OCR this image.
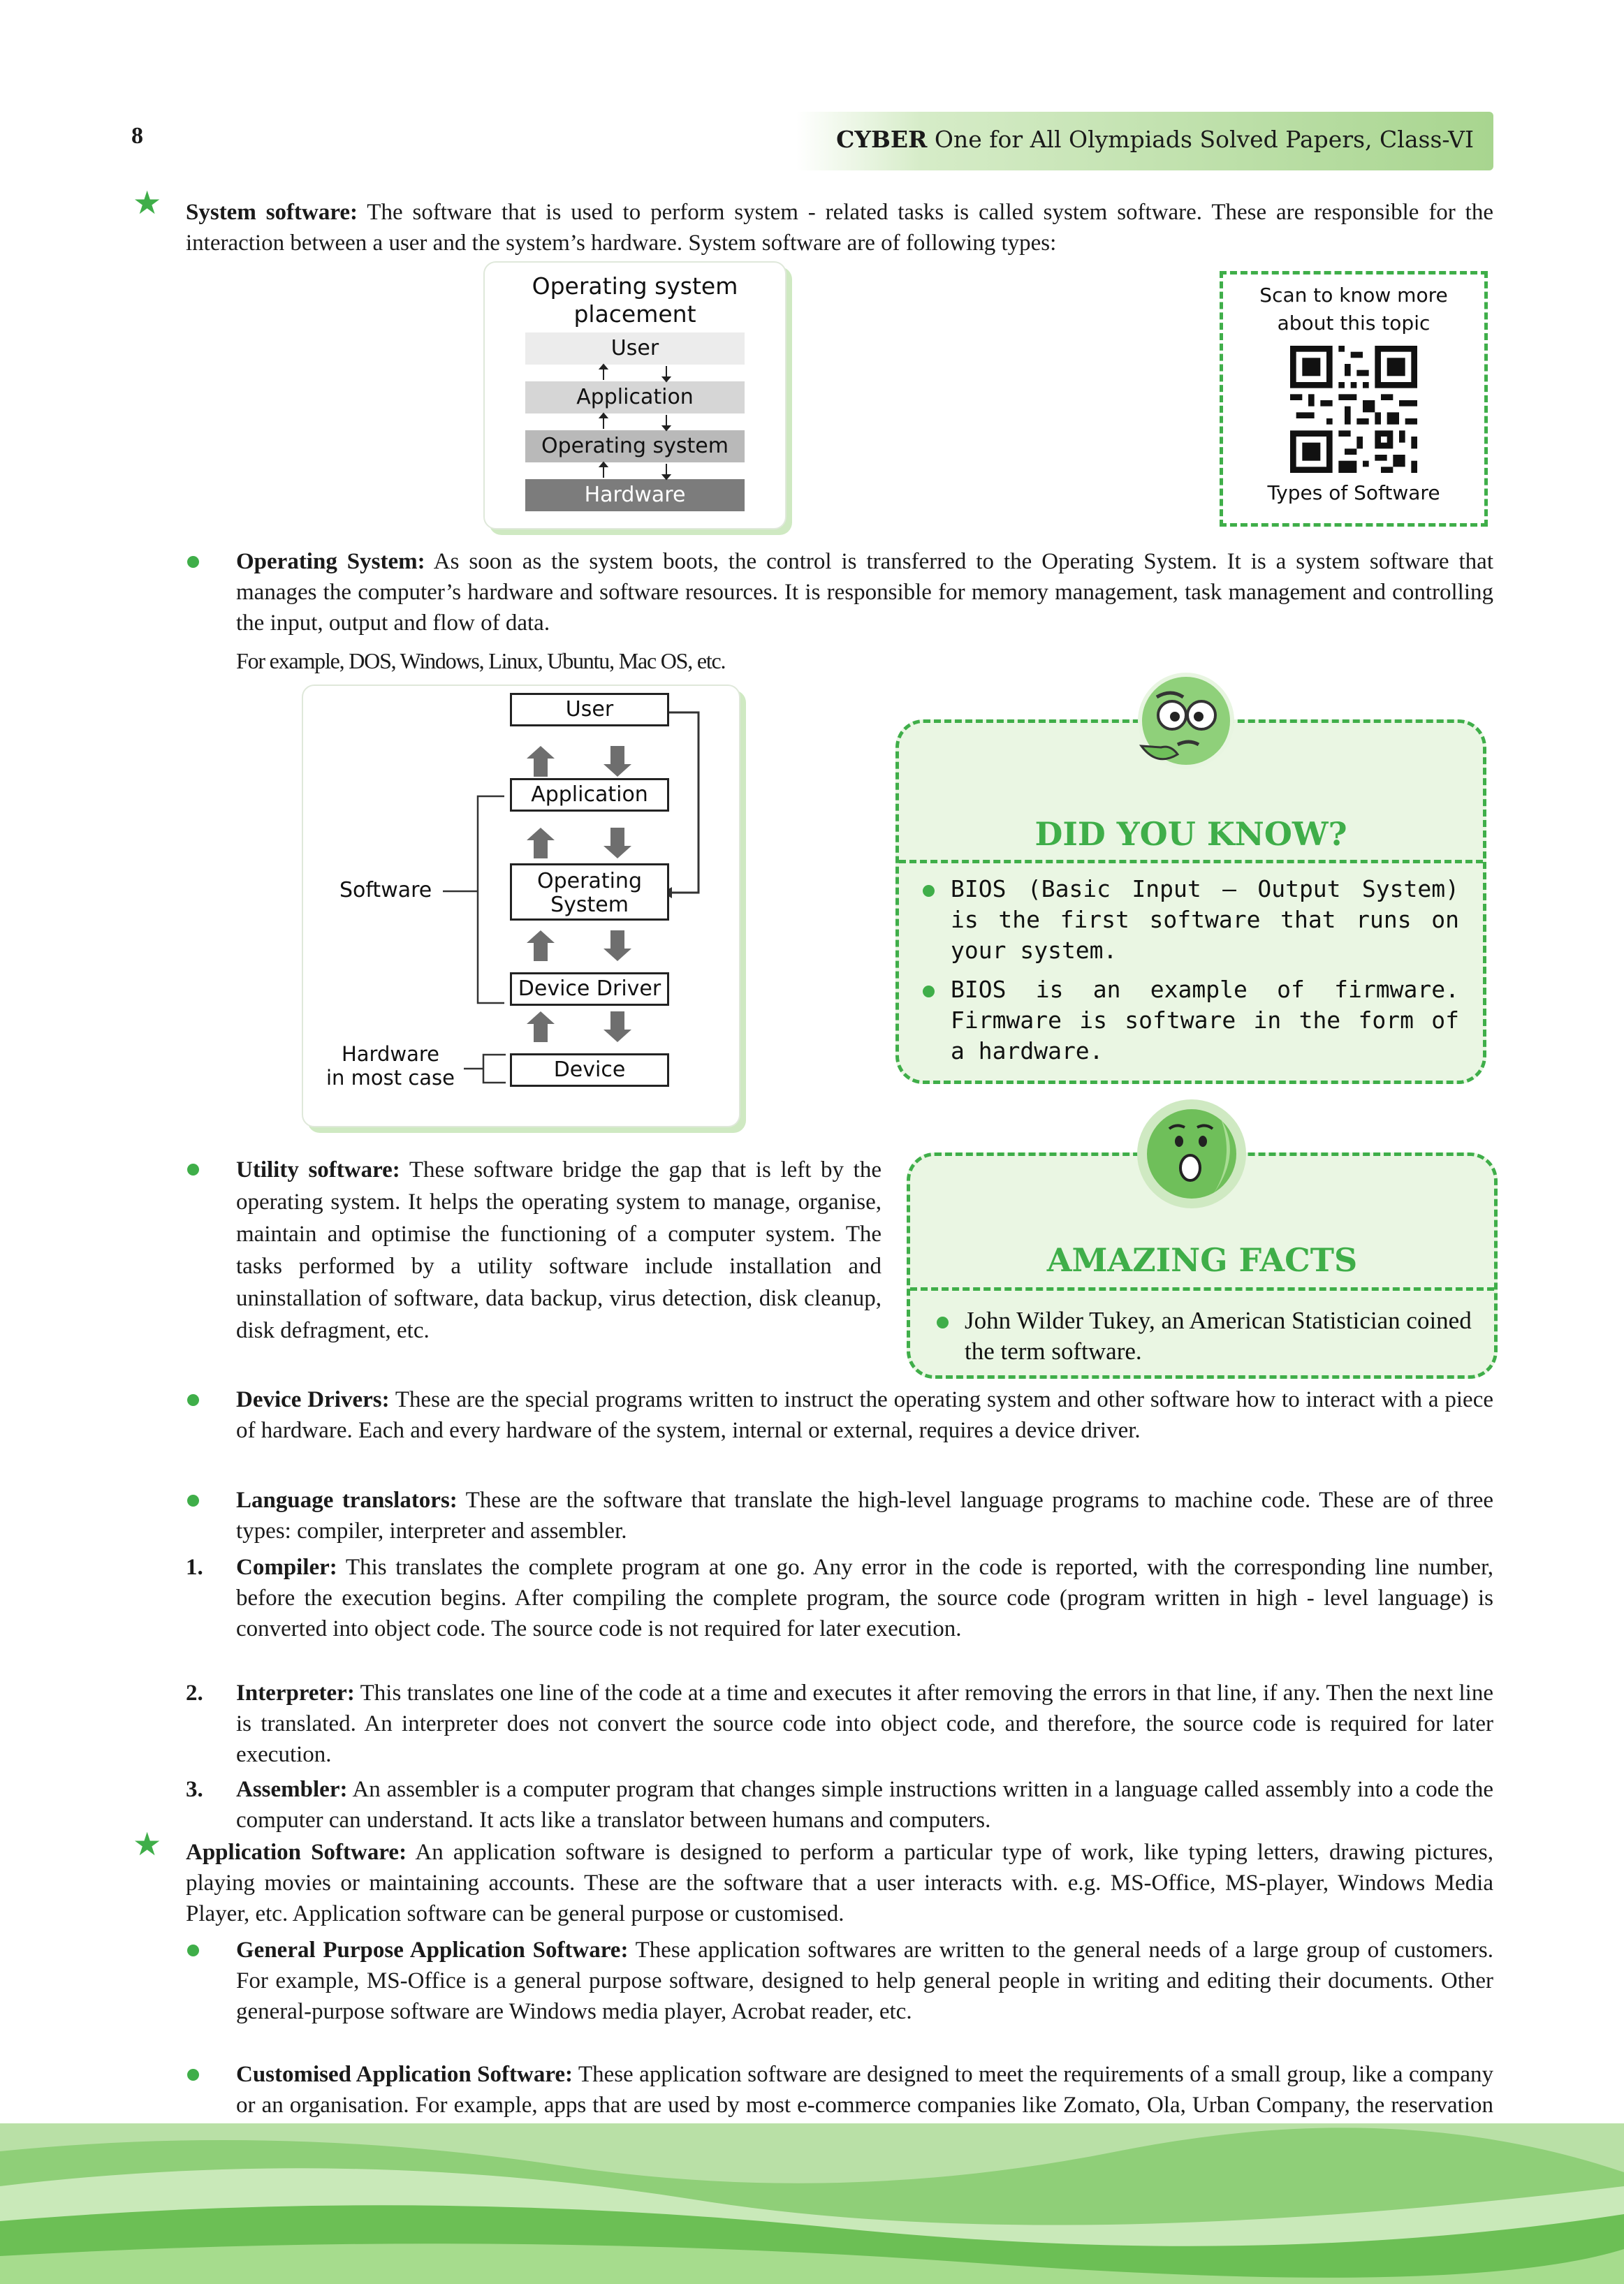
8	CYBER One for All Olympiads Solved Papers, Class-VI
★ System software: The software that is used to perform system - related tasks is called system software. These are responsible for the interaction between a user and the system’s hardware. System software are of following types:
Operating system
placement
User
Application
Operating system
Hardware
Scan to know more
about this topic
Types of Software
Operating System: As soon as the system boots, the control is transferred to the Operating System. It is a system software that manages the computer’s hardware and software resources. It is responsible for memory management, task management and controlling the input, output and flow of data.
For example, DOS, Windows, Linux, Ubuntu, Mac OS, etc.
User
Application
Operating
System
Device Driver
Device
Software
Hardware
in most case
DID YOU KNOW?
BIOS (Basic Input – Output System) is the first software that runs on your system.
BIOS is an example of firmware. Firmware is software in the form of a hardware.
AMAZING FACTS
John Wilder Tukey, an American Statistician coined the term software.
Utility software: These software bridge the gap that is left by the operating system. It helps the operating system to manage, organise, maintain and optimise the functioning of a computer system. The tasks performed by a utility software include installation and uninstallation of software, data backup, virus detection, disk cleanup, disk defragment, etc.
Device Drivers: These are the special programs written to instruct the operating system and other software how to interact with a piece of hardware. Each and every hardware of the system, internal or external, requires a device driver.
Language translators: These are the software that translate the high-level language programs to machine code. These are of three types: compiler, interpreter and assembler.
1. Compiler: This translates the complete program at one go. Any error in the code is reported, with the corresponding line number, before the execution begins. After compiling the complete program, the source code (program written in high - level language) is converted into object code. The source code is not required for later execution.
2. Interpreter: This translates one line of the code at a time and executes it after removing the errors in that line, if any. Then the next line is translated. An interpreter does not convert the source code into object code, and therefore, the source code is required for later execution.
3. Assembler: An assembler is a computer program that changes simple instructions written in a language called assembly into a code the computer can understand. It acts like a translator between humans and computers.
★ Application Software: An application software is designed to perform a particular type of work, like typing letters, drawing pictures, playing movies or maintaining accounts. These are the software that a user interacts with. e.g. MS-Office, MS-player, Windows Media Player, etc. Application software can be general purpose or customised.
General Purpose Application Software: These application softwares are written to the general needs of a large group of customers. For example, MS-Office is a general purpose software, designed to help general people in writing and editing their documents. Other general-purpose software are Windows media player, Acrobat reader, etc.
Customised Application Software: These application software are designed to meet the requirements of a small group, like a company or an organisation. For example, apps that are used by most e-commerce companies like Zomato, Ola, Urban Company, the reservation
